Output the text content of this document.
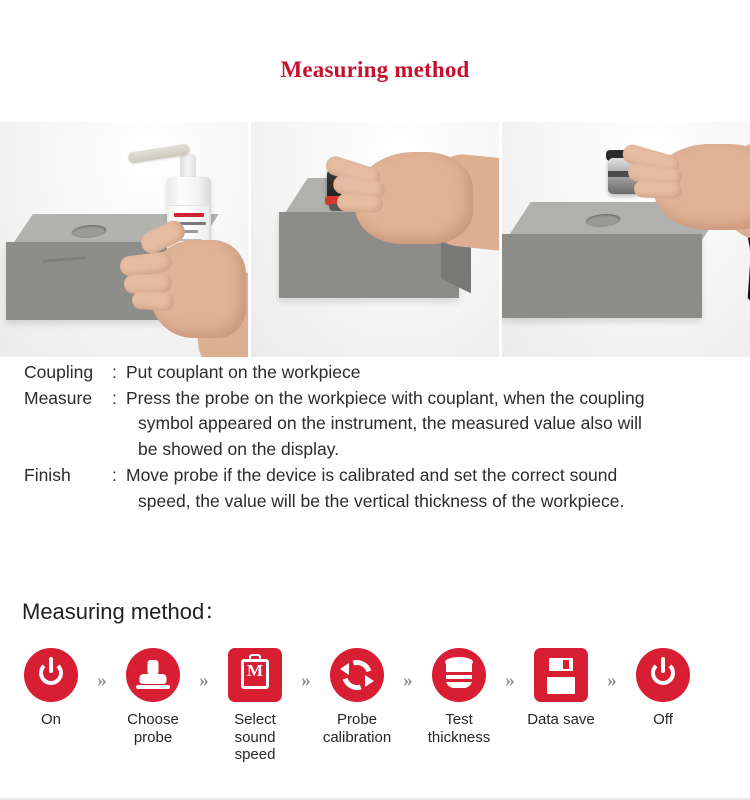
Measuring method
Coupling	: Put couplant on the workpiece
Measure	: Press the probe on the workpiece with couplant, when the coupling
symbol appeared on the instrument, the measured value also will
be showed on the display.
Finish	: Move probe if the device is calibrated and set the correct sound
speed, the value will be the vertical thickness of the workpiece.
Measuring method：
On
»
Choose probe
»	M
Select sound speed
»
Probe calibration
»
Test thickness
»
Data save
»
Off
